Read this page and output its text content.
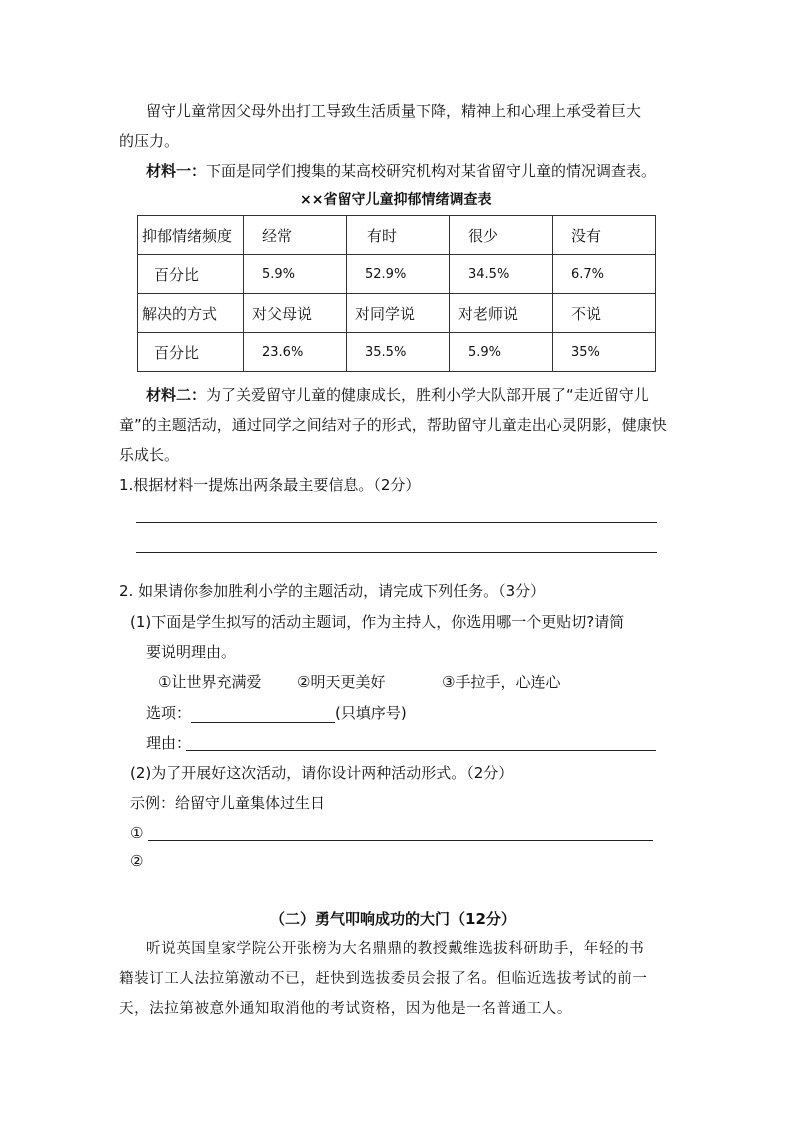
留守儿童常因父母外出打工导致生活质量下降，精神上和心理上承受着巨大
的压力。
材料一：下面是同学们搜集的某高校研究机构对某省留守儿童的情况调查表。
××省留守儿童抑郁情绪调查表
抑郁情绪频度	经常	有时	很少	没有
百分比	5.9%	52.9%	34.5%	6.7%
解决的方式	对父母说	对同学说	对老师说	不说
百分比	23.6%	35.5%	5.9%	35%
材料二：为了关爱留守儿童的健康成长，胜利小学大队部开展了“走近留守儿
童”的主题活动，通过同学之间结对子的形式，帮助留守儿童走出心灵阴影，健康快
乐成长。
1.根据材料一提炼出两条最主要信息。（2分）
2. 如果请你参加胜利小学的主题活动，请完成下列任务。（3分）
(1)下面是学生拟写的活动主题词，作为主持人，你选用哪一个更贴切?请简
要说明理由。
①让世界充满爱 ②明天更美好	③手拉手，心连心
选项：	(只填序号)
理由：
(2)为了开展好这次活动，请你设计两种活动形式。（2分）
示例：给留守儿童集体过生日
①
②
（二）勇气叩响成功的大门（12分）
听说英国皇家学院公开张榜为大名鼎鼎的教授戴维选拔科研助手，年轻的书
籍装订工人法拉第激动不已，赶快到选拔委员会报了名。但临近选拔考试的前一
天，法拉第被意外通知取消他的考试资格，因为他是一名普通工人。
